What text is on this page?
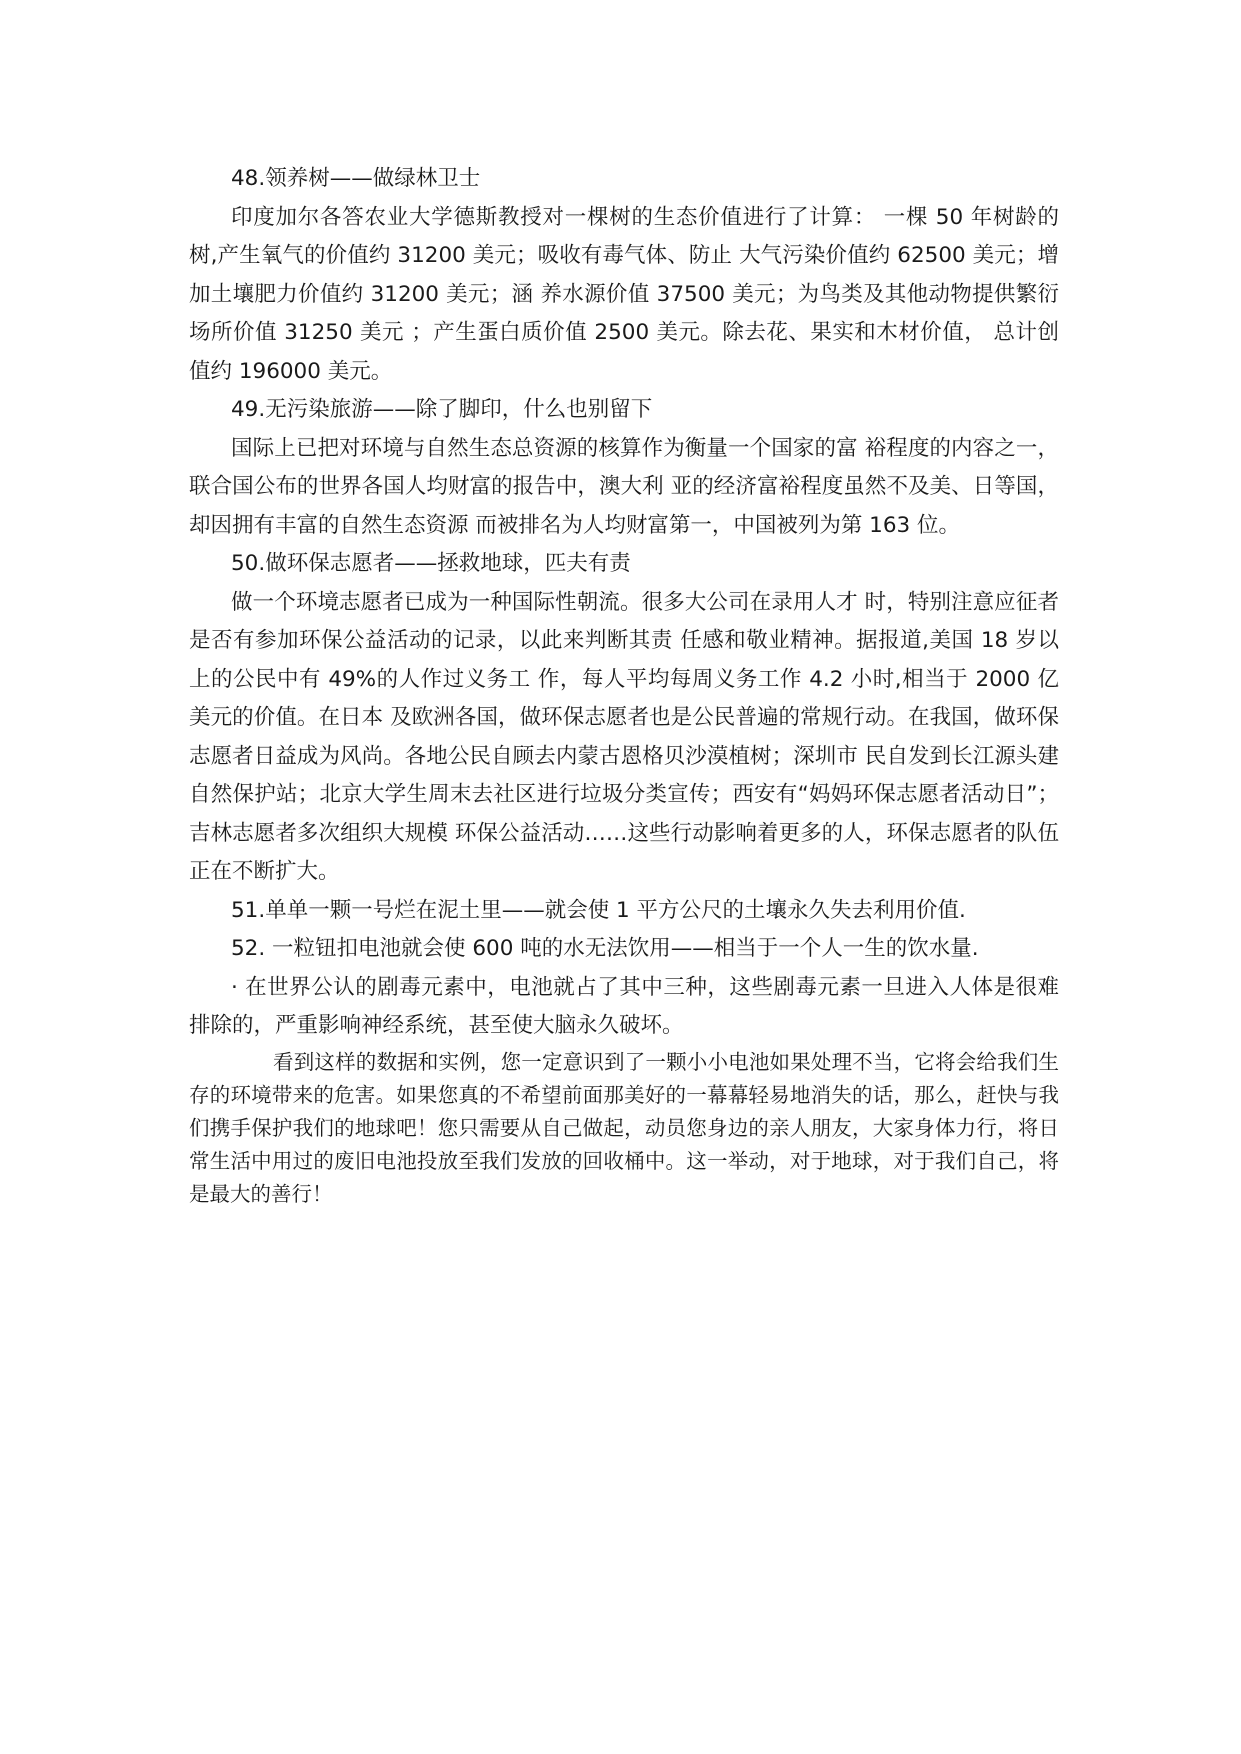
48.领养树——做绿林卫士

印度加尔各答农业大学德斯教授对一棵树的生态价值进行了计算： 一棵 50 年树龄的树,产生氧气的价值约 31200 美元；吸收有毒气体、防止 大气污染价值约 62500 美元；增加土壤肥力价值约 31200 美元；涵 养水源价值 37500 美元；为鸟类及其他动物提供繁衍场所价值 31250 美元 ；产生蛋白质价值 2500 美元。除去花、果实和木材价值， 总计创值约 196000 美元。

49.无污染旅游——除了脚印，什么也别留下

国际上已把对环境与自然生态总资源的核算作为衡量一个国家的富 裕程度的内容之一，联合国公布的世界各国人均财富的报告中，澳大利 亚的经济富裕程度虽然不及美、日等国，却因拥有丰富的自然生态资源 而被排名为人均财富第一，中国被列为第 163 位。

50.做环保志愿者——拯救地球，匹夫有责

做一个环境志愿者已成为一种国际性朝流。很多大公司在录用人才 时，特别注意应征者是否有参加环保公益活动的记录，以此来判断其责 任感和敬业精神。据报道,美国 18 岁以上的公民中有 49%的人作过义务工 作，每人平均每周义务工作 4.2 小时,相当于 2000 亿美元的价值。在日本 及欧洲各国，做环保志愿者也是公民普遍的常规行动。在我国，做环保 志愿者日益成为风尚。各地公民自顾去内蒙古恩格贝沙漠植树；深圳市 民自发到长江源头建自然保护站；北京大学生周末去社区进行垃圾分类宣传；西安有“妈妈环保志愿者活动日”；吉林志愿者多次组织大规模 环保公益活动……这些行动影响着更多的人，环保志愿者的队伍正在不断扩大。

51.单单一颗一号烂在泥土里——就会使 1 平方公尺的土壤永久失去利用价值.

52. 一粒钮扣电池就会使 600 吨的水无法饮用——相当于一个人一生的饮水量.

· 在世界公认的剧毒元素中，电池就占了其中三种，这些剧毒元素一旦进入人体是很难排除的，严重影响神经系统，甚至使大脑永久破坏。

看到这样的数据和实例，您一定意识到了一颗小小电池如果处理不当，它将会给我们生存的环境带来的危害。如果您真的不希望前面那美好的一幕幕轻易地消失的话，那么，赶快与我们携手保护我们的地球吧！您只需要从自己做起，动员您身边的亲人朋友，大家身体力行，将日常生活中用过的废旧电池投放至我们发放的回收桶中。这一举动，对于地球，对于我们自己，将是最大的善行！
